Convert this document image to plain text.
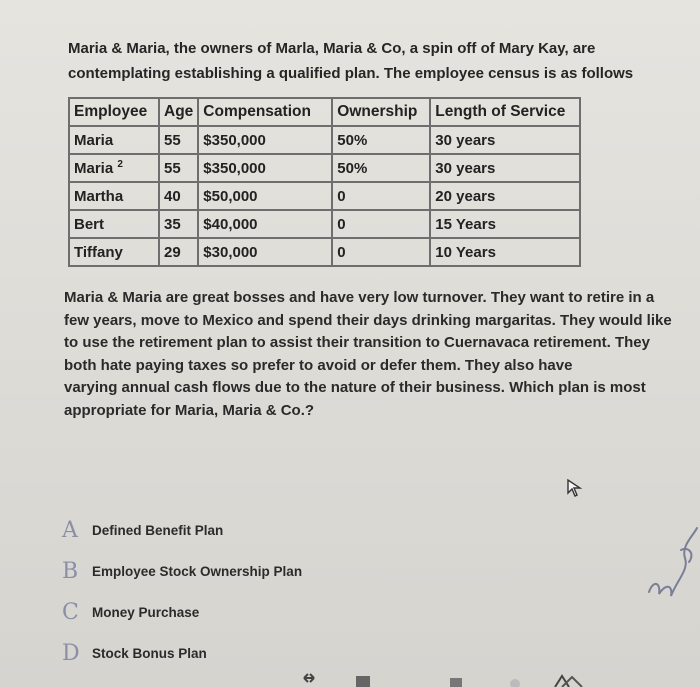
Maria & Maria, the owners of Marla, Maria & Co, a spin off of Mary Kay, are
contemplating establishing a qualified plan. The employee census is as follows
Employee	Age	Compensation	Ownership	Length of Service
Maria	55	$350,000	50%	30 years
Maria $^2$	55	$350,000	50%	30 years
Martha	40	$50,000	0	20 years
Bert	35	$40,000	0	15 Years
Tiffany	29	$30,000	0	10 Years
Maria & Maria are great bosses and have very low turnover. They want to retire in a
few years, move to Mexico and spend their days drinking margaritas. They would like
to use the retirement plan to assist their transition to Cuernavaca retirement. They
both hate paying taxes so prefer to avoid or defer them. They also have
varying annual cash flows due to the nature of their business. Which plan is most
appropriate for Maria, Maria & Co.?
A	Defined Benefit Plan
B	Employee Stock Ownership Plan
C Money Purchase
D Stock Bonus Plan
